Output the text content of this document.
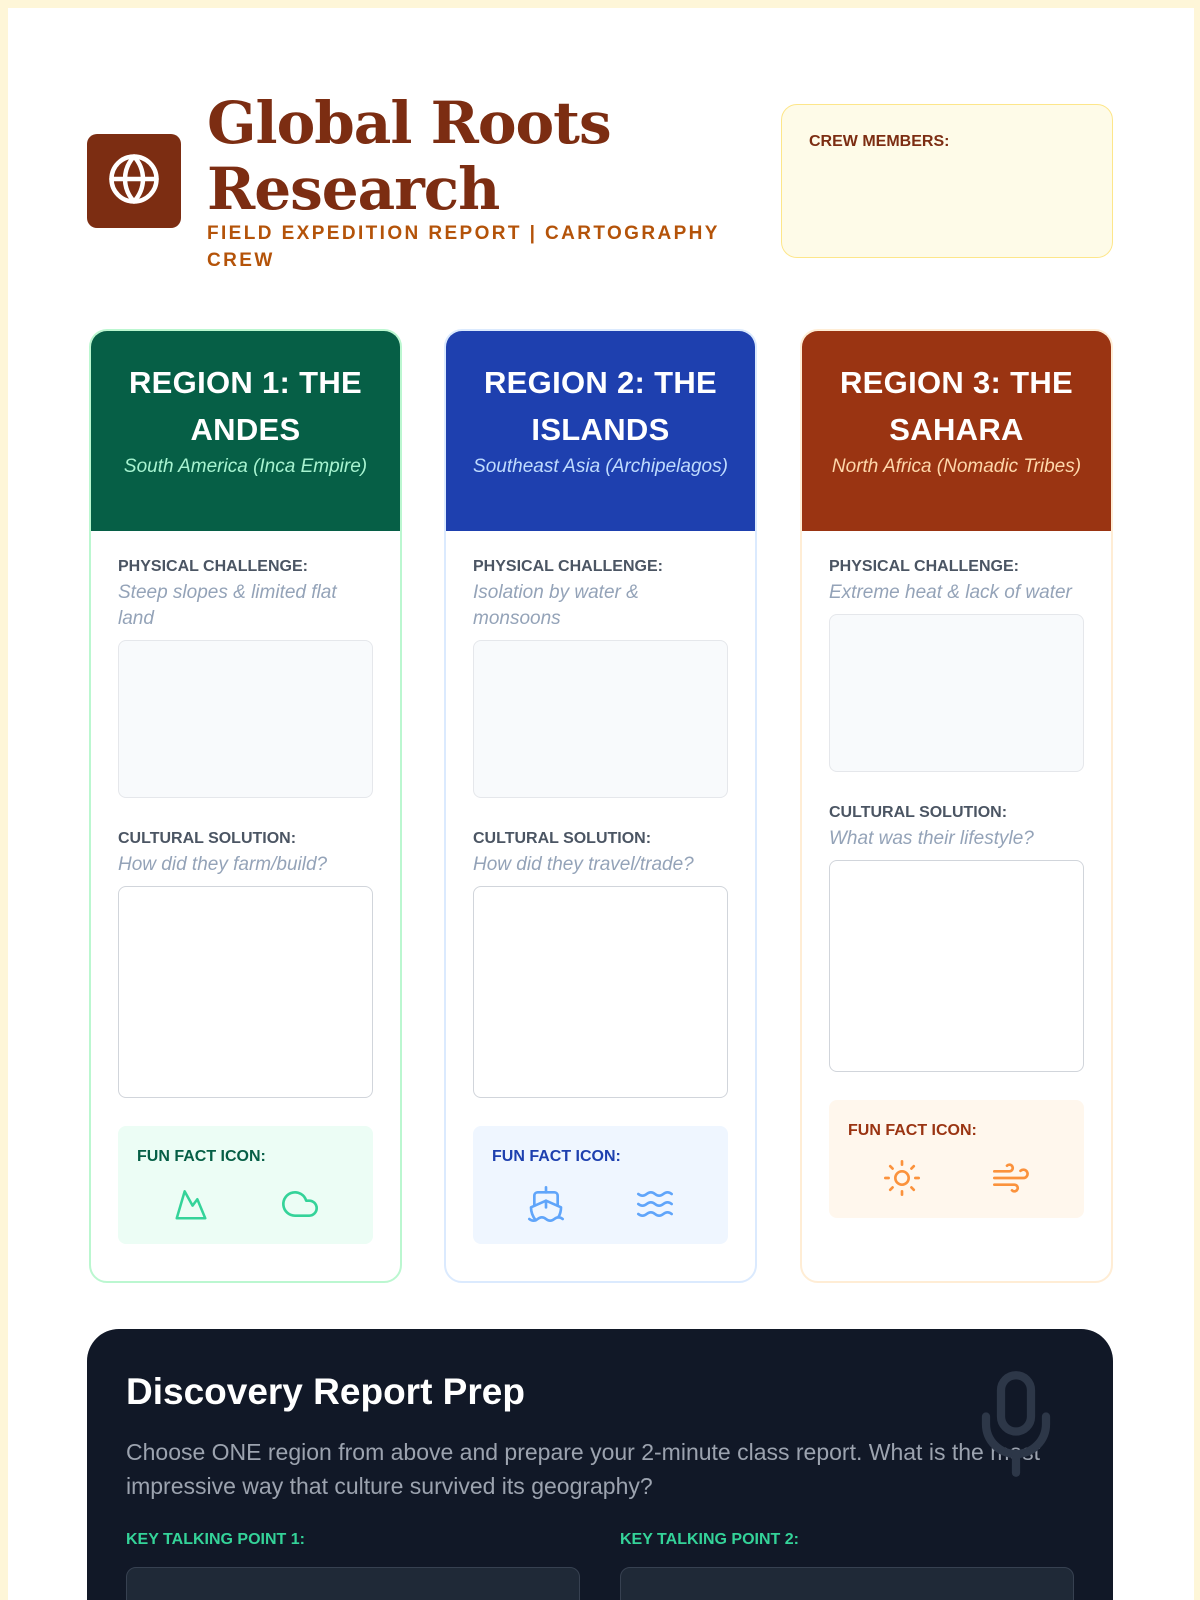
Global Roots Research
FIELD EXPEDITION REPORT | CARTOGRAPHY CREW
CREW MEMBERS:
REGION 1: THE ANDES
South America (Inca Empire)
PHYSICAL CHALLENGE:
Steep slopes & limited flat land
CULTURAL SOLUTION:
How did they farm/build?
FUN FACT ICON:
REGION 2: THE ISLANDS
Southeast Asia (Archipelagos)
PHYSICAL CHALLENGE:
Isolation by water & monsoons
CULTURAL SOLUTION:
How did they travel/trade?
FUN FACT ICON:
REGION 3: THE SAHARA
North Africa (Nomadic Tribes)
PHYSICAL CHALLENGE:
Extreme heat & lack of water
CULTURAL SOLUTION:
What was their lifestyle?
FUN FACT ICON:
Discovery Report Prep
Choose ONE region from above and prepare your 2-minute class report. What is the most impressive way that culture survived its geography?
KEY TALKING POINT 1:	KEY TALKING POINT 2:
